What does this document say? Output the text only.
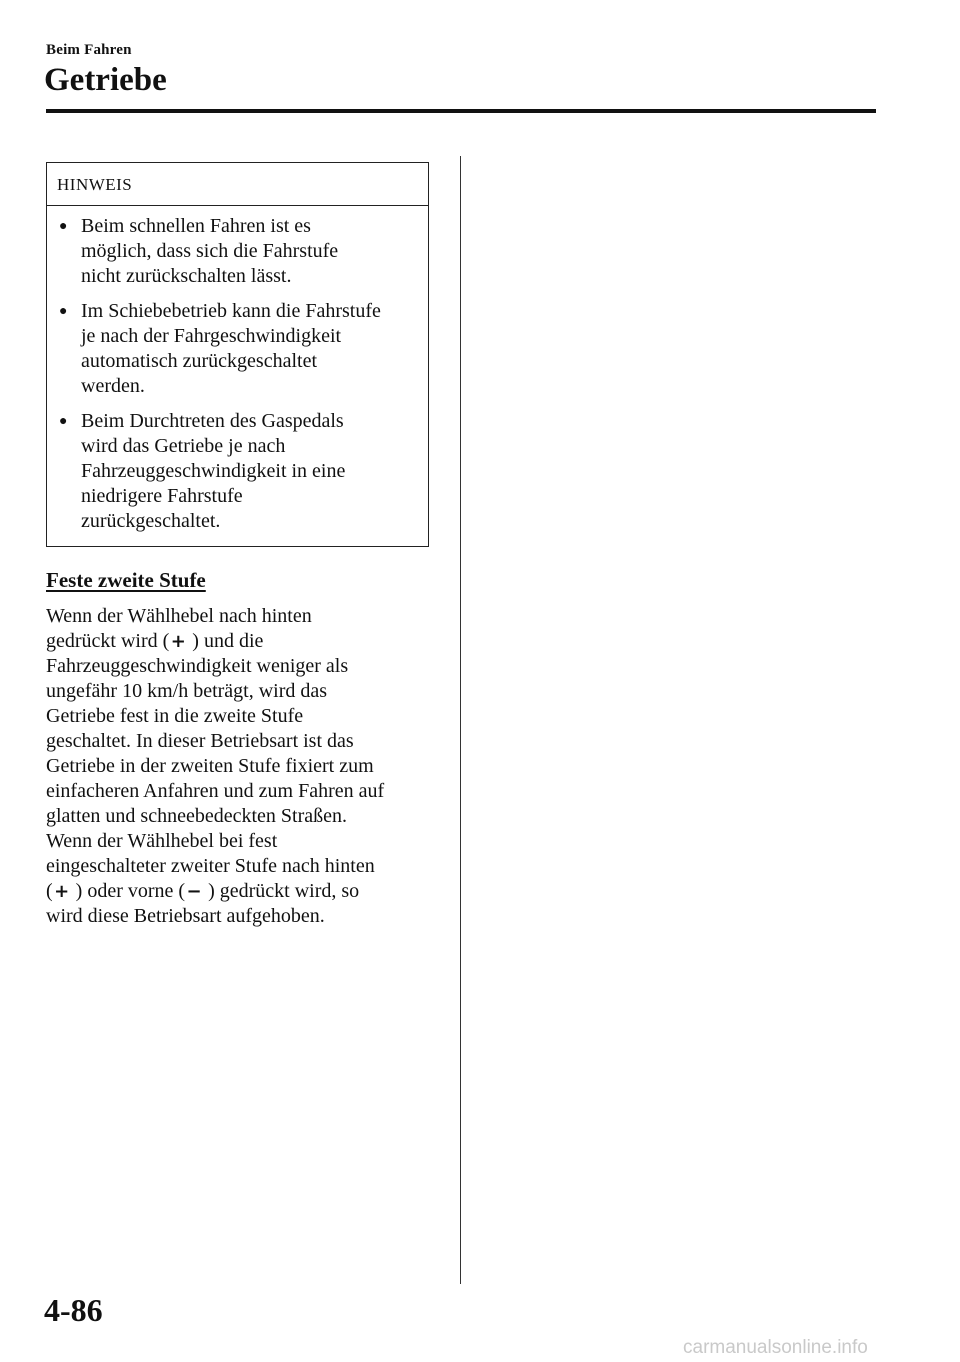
Beim Fahren
Getriebe
HINWEIS
● Beim schnellen Fahren ist es
möglich, dass sich die Fahrstufe
nicht zurückschalten lässt.
● Im Schiebebetrieb kann die Fahrstufe
je nach der Fahrgeschwindigkeit
automatisch zurückgeschaltet
werden.
● Beim Durchtreten des Gaspedals
wird das Getriebe je nach
Fahrzeuggeschwindigkeit in eine
niedrigere Fahrstufe
zurückgeschaltet.
Feste zweite Stufe

Wenn der Wählhebel nach hinten
gedrückt wird (+ ) und die
Fahrzeuggeschwindigkeit weniger als
ungefähr 10 km/h beträgt, wird das
Getriebe fest in die zweite Stufe
geschaltet. In dieser Betriebsart ist das
Getriebe in der zweiten Stufe fixiert zum
einfacheren Anfahren und zum Fahren auf
glatten und schneebedeckten Straßen.
Wenn der Wählhebel bei fest
eingeschalteter zweiter Stufe nach hinten
(+ ) oder vorne (− ) gedrückt wird, so
wird diese Betriebsart aufgehoben.

4-86
carmanualsonline.info
